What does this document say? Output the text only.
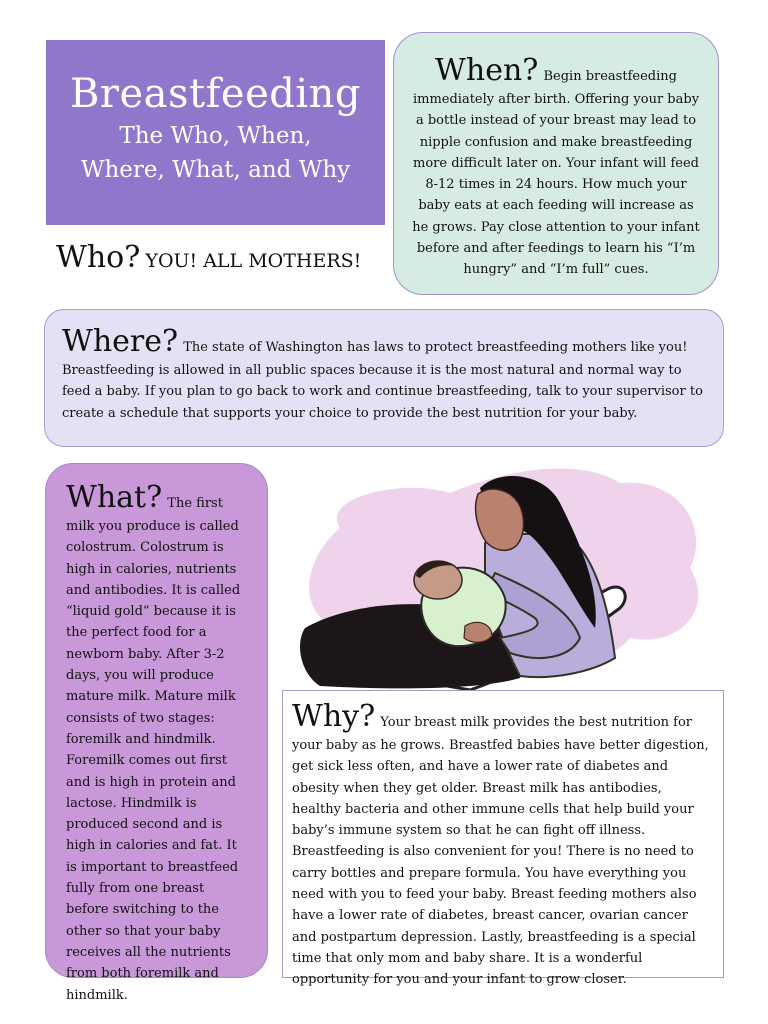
Breastfeeding
The Who, When,
Where, What, and Why
Who? YOU! ALL MOTHERS!
When? Begin breastfeeding immediately after birth. Offering your baby a bottle instead of your breast may lead to nipple confusion and make breastfeeding more difficult later on. Your infant will feed 8-12 times in 24 hours. How much your baby eats at each feeding will increase as he grows. Pay close attention to your infant before and after feedings to learn his “I’m hungry” and “I’m full” cues.
Where? The state of Washington has laws to protect breastfeeding mothers like you! Breastfeeding is allowed in all public spaces because it is the most natural and normal way to feed a baby. If you plan to go back to work and continue breastfeeding, talk to your supervisor to create a schedule that supports your choice to provide the best nutrition for your baby.
What? The first milk you produce is called colostrum. Colostrum is high in calories, nutrients and antibodies. It is called “liquid gold” because it is the perfect food for a newborn baby. After 3-2 days, you will produce mature milk. Mature milk consists of two stages: foremilk and hindmilk. Foremilk comes out first and is high in protein and lactose. Hindmilk is produced second and is high in calories and fat. It is important to breastfeed fully from one breast before switching to the other so that your baby receives all the nutrients from both foremilk and hindmilk.
Why? Your breast milk provides the best nutrition for your baby as he grows. Breastfed babies have better digestion, get sick less often, and have a lower rate of diabetes and obesity when they get older. Breast milk has antibodies, healthy bacteria and other immune cells that help build your baby’s immune system so that he can fight off illness. Breastfeeding is also convenient for you! There is no need to carry bottles and prepare formula. You have everything you need with you to feed your baby. Breast feeding mothers also have a lower rate of diabetes, breast cancer, ovarian cancer and postpartum depression. Lastly, breastfeeding is a special time that only mom and baby share. It is a wonderful opportunity for you and your infant to grow closer.
